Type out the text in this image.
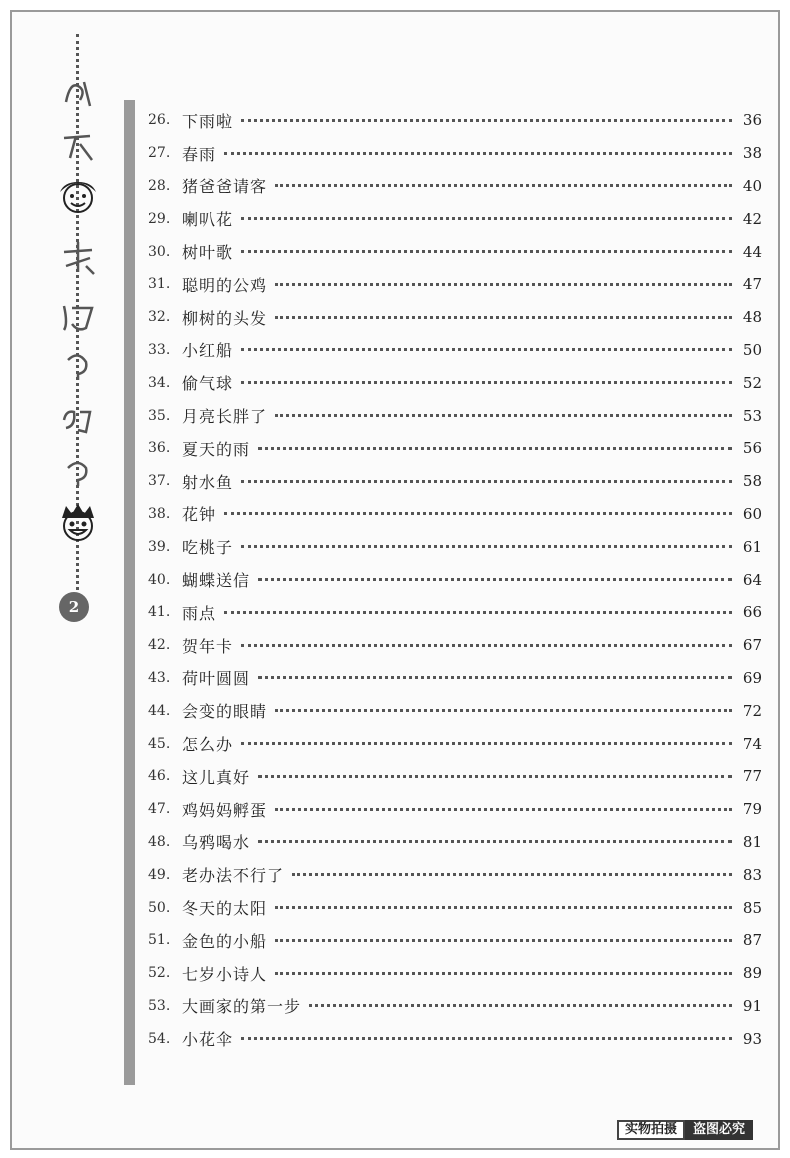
2
26. 下雨啦	36
27. 春雨	38
28. 猪爸爸请客	40
29. 喇叭花	42
30. 树叶歌	44
31. 聪明的公鸡	47
32. 柳树的头发	48
33. 小红船	50
34. 偷气球	52
35. 月亮长胖了	53
36. 夏天的雨	56
37. 射水鱼	58
38. 花钟	60
39. 吃桃子	61
40. 蝴蝶送信	64
41. 雨点	66
42. 贺年卡	67
43. 荷叶圆圆	69
44. 会变的眼睛	72
45. 怎么办	74
46. 这儿真好	77
47. 鸡妈妈孵蛋	79
48. 乌鸦喝水	81
49. 老办法不行了	83
50. 冬天的太阳	85
51. 金色的小船	87
52. 七岁小诗人	89
53. 大画家的第一步	91
54. 小花伞	93
实物拍摄	盗图必究
